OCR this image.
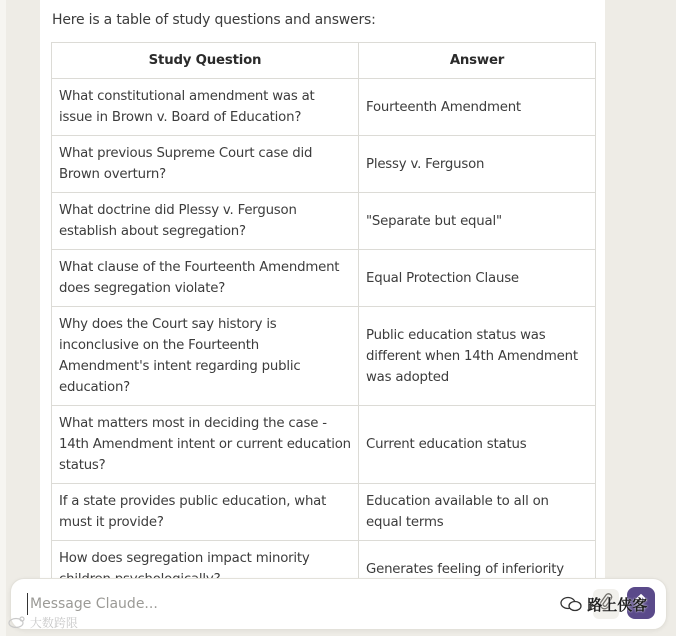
Here is a table of study questions and answers:
Study Question	Answer
What constitutional amendment was at issue in Brown v. Board of Education?	Fourteenth Amendment
What previous Supreme Court case did Brown overturn?	Plessy v. Ferguson
What doctrine did Plessy v. Ferguson establish about segregation?	"Separate but equal"
What clause of the Fourteenth Amendment does segregation violate?	Equal Protection Clause
Why does the Court say history is inconclusive on the Fourteenth Amendment's intent regarding public education?	Public education status was different when 14th Amendment was adopted
What matters most in deciding the case - 14th Amendment intent or current education status?	Current education status
If a state provides public education, what must it provide?	Education available to all on equal terms
How does segregation impact minority	Generates feeling of inferiority

Message Claude...
路上侠客
大数跨限
